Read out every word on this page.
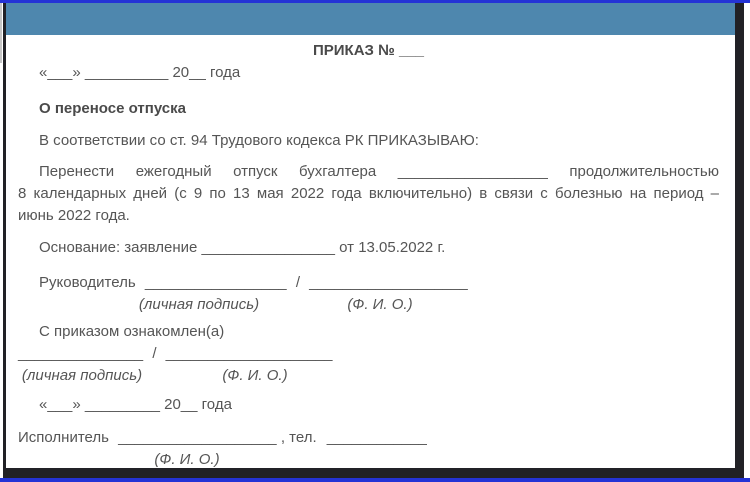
ПРИКАЗ № ___
«___» __________ 20__ года
О переносе отпуска
В соответствии со ст. 94 Трудового кодекса РК ПРИКАЗЫВАЮ:
Перенести ежегодный отпуск бухгалтера __________________ продолжительностью
8 календарных дней (с 9 по 13 мая 2022 года включительно) в связи с болезнью на период –
июнь 2022 года.
Основание: заявление ________________ от 13.05.2022 г.
Руководитель _________________ / ___________________
(личная подпись)	(Ф. И. О.)
С приказом ознакомлен(а)
_______________ / ____________________
(личная подпись)	(Ф. И. О.)
«___» _________ 20__ года
Исполнитель ___________________ , тел. ____________
(Ф. И. О.)
